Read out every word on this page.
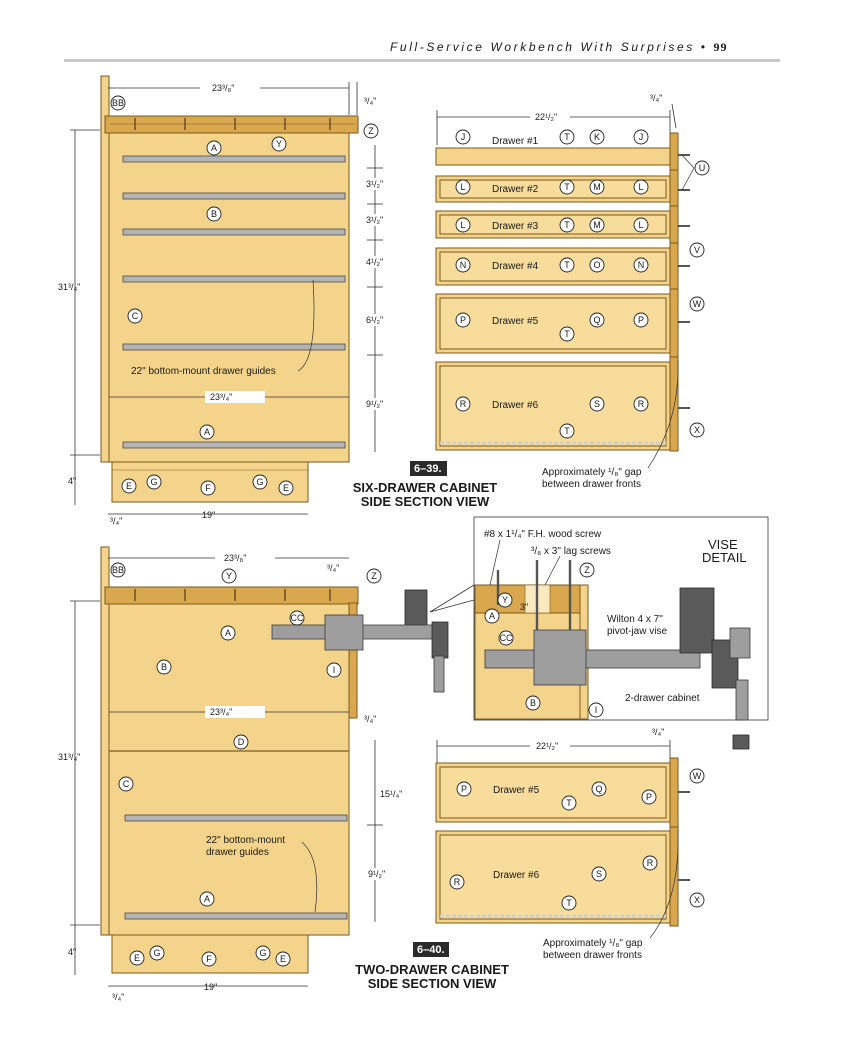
Full-Service Workbench With Surprises • 99
23³/₈"
³/₄"
31³/₄"
4"
23³/₄"
19"
³/₄"
3¹/₂"
3¹/₂"
4¹/₂"
6¹/₂"
9¹/₂"
22" bottom-mount drawer guides
BB
A	Y
Z
B
C
A
E G
F
G
E
22¹/₂"
³/₄"
Drawer #1
Drawer #2
Drawer #3
Drawer #4
Drawer #5
Drawer #6
J	T	K	J
L	T	M	L
L	T	M	L
N	T	O	N
P	Q	P
T
R	S	R
T
U
V
W
X
6–39.
SIX-DRAWER CABINET
SIDE SECTION VIEW
Approximately ¹/₈" gap
between drawer fronts
23³/₄"
³/₄"
23³/₈"
³/₄"
31³/₄"
4"
19"
³/₄"
15¹/₄"
9¹/₂"
22" bottom-mount
drawer guides
BB
Y	Z
CC
A
B	I
D
C
A
E G
F
G
E
22¹/₂"
³/₄"
Drawer #5
Drawer #6
P	Q
P
T
R
S
R
T
W
X
6–40.
TWO-DRAWER CABINET
SIDE SECTION VIEW
Approximately ¹/₈" gap
between drawer fronts
VISE
DETAIL
#8 x 1¹/₄" F.H. wood screw
³/₈ x 3" lag screws
Wilton 4 x 7"
pivot-jaw vise
2-drawer cabinet
3"
Z
Y
A
CC
B
I
